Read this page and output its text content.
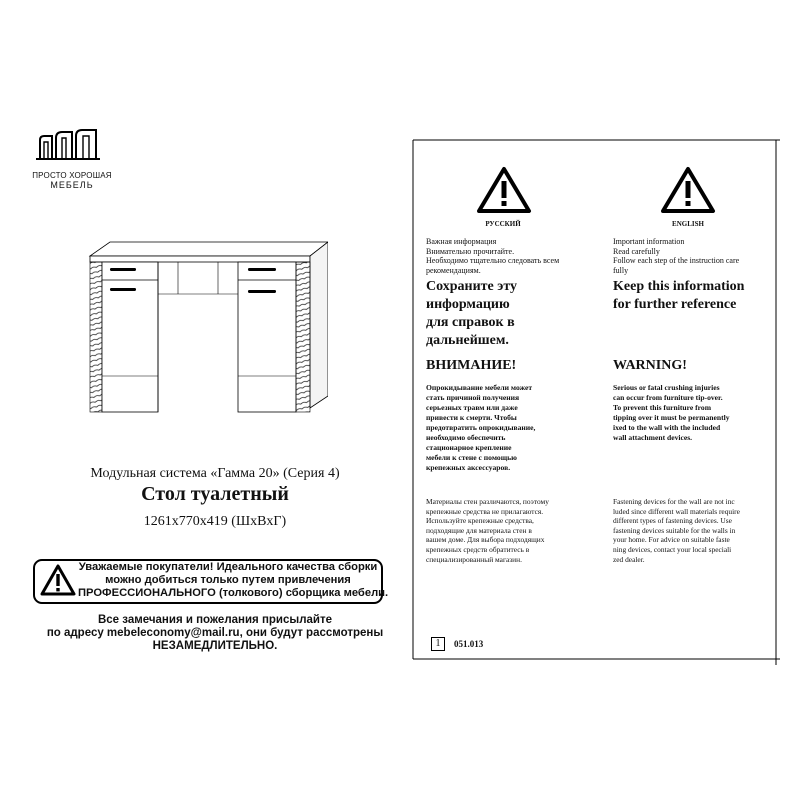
ПРОСТО ХОРОШАЯ
МЕБЕЛЬ
Модульная система «Гамма 20» (Серия 4)
Стол туалетный
1261x770x419 (ШxВxГ)
Уважаемые покупатели! Идеального качества сборки
можно добиться только путем привлечения
ПРОФЕССИОНАЛЬНОГО (толкового) сборщика мебели.
Все замечания и пожелания присылайте
по адресу mebeleconomy@mail.ru, они будут рассмотрены
НЕЗАМЕДЛИТЕЛЬНО.	1	051.013
РУССКИЙ
Важная информация
Внимательно прочитайте.
Необходимо тщательно следовать всем
рекомендациям.
Сохраните эту
информацию
для справок в
дальнейшем.
ВНИМАНИЕ!
Опрокидывание мебели может
стать причиной получения
серьезных травм или даже
привести к смерти. Чтобы
предотвратить опрокидывание,
необходимо обеспечить
стационарное крепление
мебели к стене с помощью
крепежных аксессуаров.
Материалы стен различаются, поэтому
крепежные средства не прилагаются.
Используйте крепежные средства,
подходящие для материала стен в
вашем доме. Для выбора подходящих
крепежных средств обратитесь в
специализированный магазин.
ENGLISH
Important information
Read carefully
Follow each step of the instruction care
fully
Keep this information
for further reference
WARNING!
Serious or fatal crushing injuries
can occur from furniture tip-over.
To prevent this furniture from
tipping over it must be permanently
ixed to the wall with the included
wall attachment devices.
Fastening devices for the wall are not inc
luded since different wall materials require
different types of fastening devices. Use
fastening devices suitable for the walls in
your home. For advice on suitable faste
ning devices, contact your local speciali
zed dealer.
